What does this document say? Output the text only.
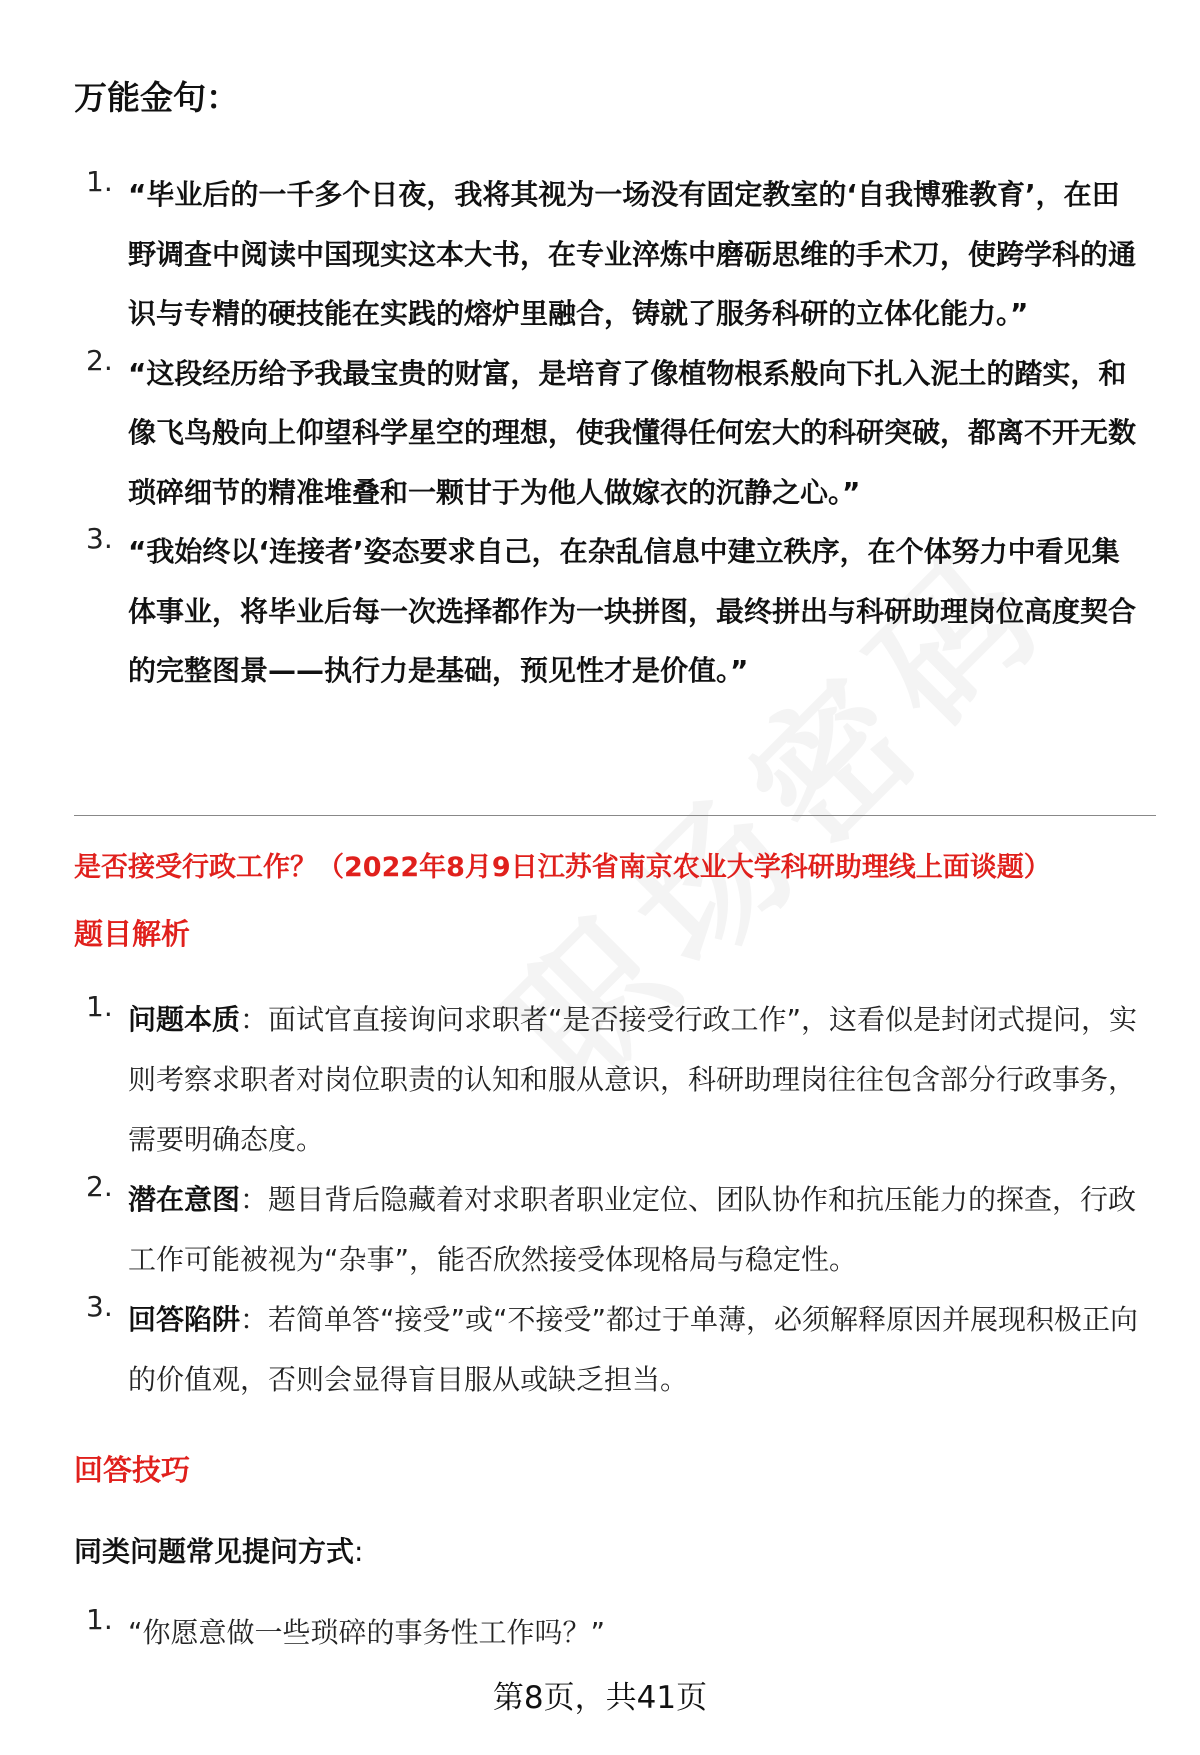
万能金句：
1. “毕业后的一千多个日夜，我将其视为一场没有固定教室的‘自我博雅教育’，在田野调查中阅读中国现实这本大书，在专业淬炼中磨砺思维的手术刀，使跨学科的通识与专精的硬技能在实践的熔炉里融合，铸就了服务科研的立体化能力。”
2. “这段经历给予我最宝贵的财富，是培育了像植物根系般向下扎入泥土的踏实，和像飞鸟般向上仰望科学星空的理想，使我懂得任何宏大的科研突破，都离不开无数琐碎细节的精准堆叠和一颗甘于为他人做嫁衣的沉静之心。”
3. “我始终以‘连接者’姿态要求自己，在杂乱信息中建立秩序，在个体努力中看见集体事业，将毕业后每一次选择都作为一块拼图，最终拼出与科研助理岗位高度契合的完整图景——执行力是基础，预见性才是价值。”
是否接受行政工作？（2022年8月9日江苏省南京农业大学科研助理线上面谈题）
题目解析
1. 问题本质：面试官直接询问求职者“是否接受行政工作”，这看似是封闭式提问，实则考察求职者对岗位职责的认知和服从意识，科研助理岗往往包含部分行政事务，需要明确态度。
2. 潜在意图：题目背后隐藏着对求职者职业定位、团队协作和抗压能力的探查，行政工作可能被视为“杂事”，能否欣然接受体现格局与稳定性。
3. 回答陷阱：若简单答“接受”或“不接受”都过于单薄，必须解释原因并展现积极正向的价值观，否则会显得盲目服从或缺乏担当。
回答技巧
同类问题常见提问方式:
1. “你愿意做一些琐碎的事务性工作吗？”
第8页，共41页
